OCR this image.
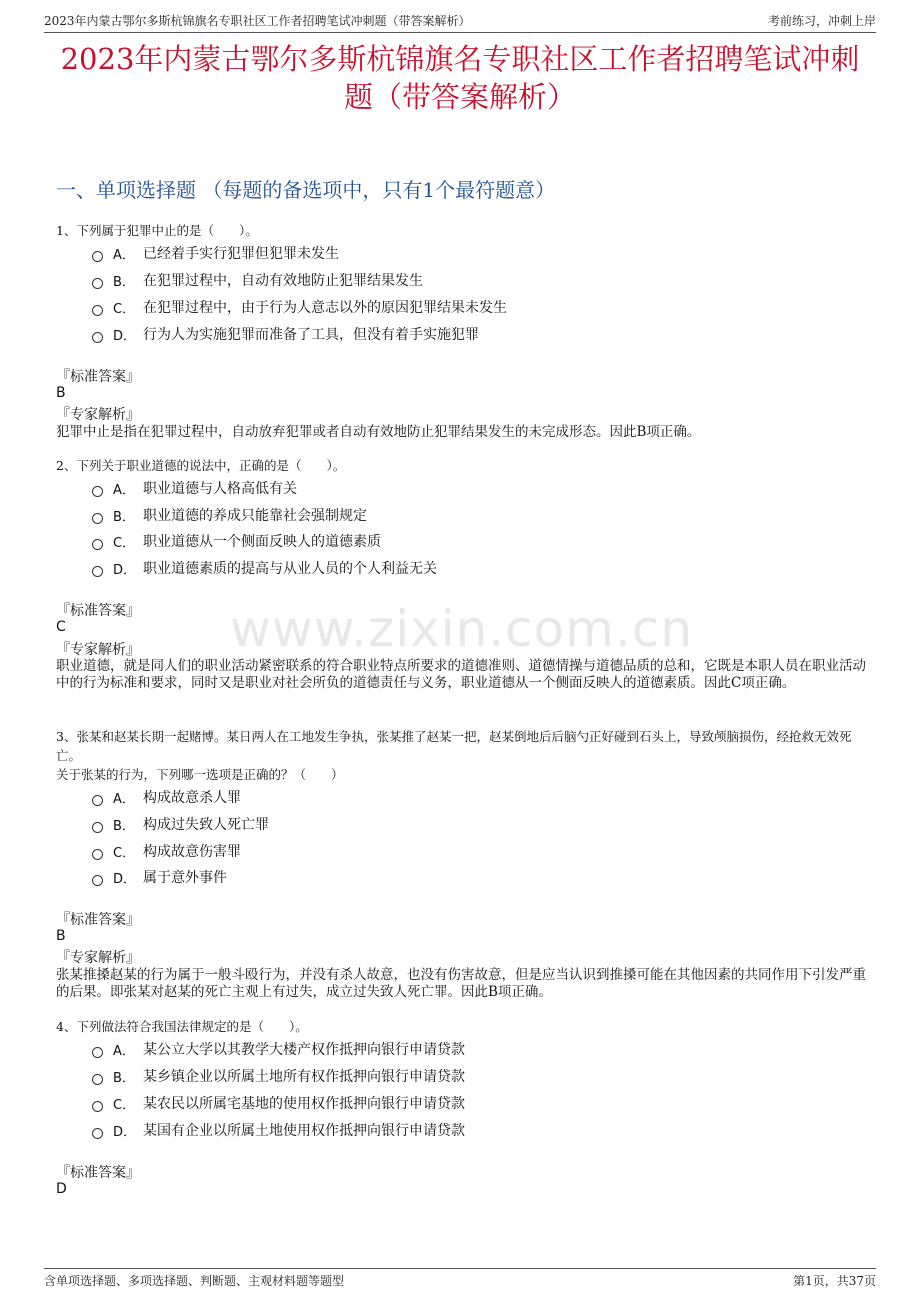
2023年内蒙古鄂尔多斯杭锦旗名专职社区工作者招聘笔试冲刺题（带答案解析）	考前练习，冲刺上岸
2023年内蒙古鄂尔多斯杭锦旗名专职社区工作者招聘笔试冲刺
题（带答案解析）
一、单项选择题 （每题的备选项中，只有1个最符题意）
www.zixin.com.cn
1、下列属于犯罪中止的是（　　）。
A． 已经着手实行犯罪但犯罪未发生
B． 在犯罪过程中，自动有效地防止犯罪结果发生
C． 在犯罪过程中，由于行为人意志以外的原因犯罪结果未发生
D． 行为人为实施犯罪而准备了工具，但没有着手实施犯罪
『标准答案』
B
『专家解析』
犯罪中止是指在犯罪过程中，自动放弃犯罪或者自动有效地防止犯罪结果发生的未完成形态。因此B项正确。
2、下列关于职业道德的说法中，正确的是（　　）。
A． 职业道德与人格高低有关
B． 职业道德的养成只能靠社会强制规定
C． 职业道德从一个侧面反映人的道德素质
D． 职业道德素质的提高与从业人员的个人利益无关
『标准答案』
C
『专家解析』
职业道德，就是同人们的职业活动紧密联系的符合职业特点所要求的道德准则、道德情操与道德品质的总和，它既是本职人员在职业活动中的行为标准和要求，同时又是职业对社会所负的道德责任与义务，职业道德从一个侧面反映人的道德素质。因此C项正确。
3、张某和赵某长期一起赌博。某日两人在工地发生争执，张某推了赵某一把，赵某倒地后后脑勺正好碰到石头上，导致颅脑损伤，经抢救无效死亡。
关于张某的行为，下列哪一选项是正确的？（　　）
A． 构成故意杀人罪
B． 构成过失致人死亡罪
C． 构成故意伤害罪
D． 属于意外事件
『标准答案』
B
『专家解析』
张某推搡赵某的行为属于一般斗殴行为，并没有杀人故意，也没有伤害故意，但是应当认识到推搡可能在其他因素的共同作用下引发严重的后果。即张某对赵某的死亡主观上有过失，成立过失致人死亡罪。因此B项正确。
4、下列做法符合我国法律规定的是（　　）。
A． 某公立大学以其教学大楼产权作抵押向银行申请贷款
B． 某乡镇企业以所属土地所有权作抵押向银行申请贷款
C． 某农民以所属宅基地的使用权作抵押向银行申请贷款
D． 某国有企业以所属土地使用权作抵押向银行申请贷款
『标准答案』
D
含单项选择题、多项选择题、判断题、主观材料题等题型	第1页，共37页
